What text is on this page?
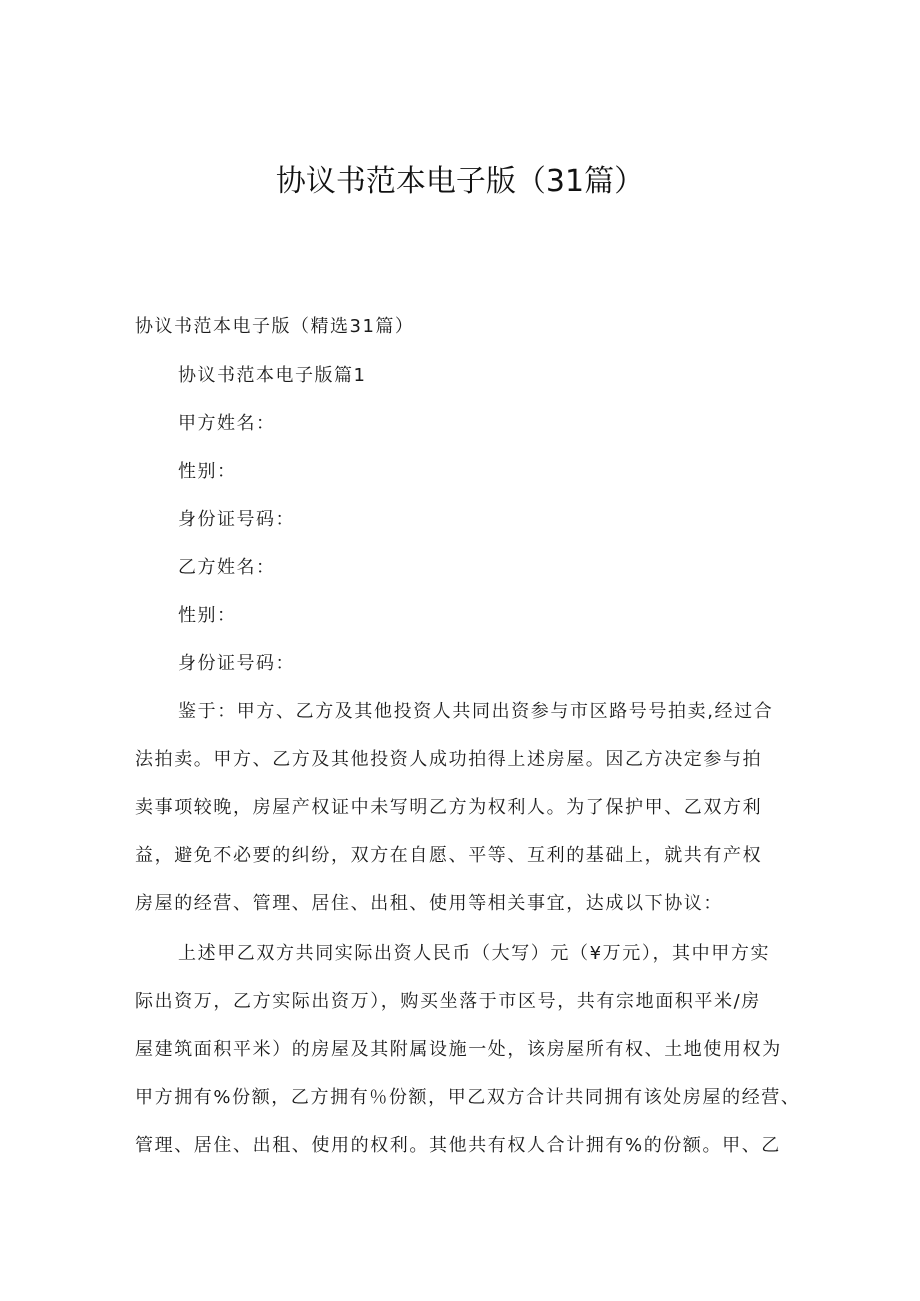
协议书范本电子版（31篇）
协议书范本电子版（精选31篇）
协议书范本电子版篇1
甲方姓名：
性别：
身份证号码：
乙方姓名：
性别：
身份证号码：
鉴于：甲方、乙方及其他投资人共同出资参与市区路号号拍卖,经过合
法拍卖。甲方、乙方及其他投资人成功拍得上述房屋。因乙方决定参与拍
卖事项较晚，房屋产权证中未写明乙方为权利人。为了保护甲、乙双方利
益，避免不必要的纠纷，双方在自愿、平等、互利的基础上，就共有产权
房屋的经营、管理、居住、出租、使用等相关事宜，达成以下协议：
上述甲乙双方共同实际出资人民币（大写）元（¥万元），其中甲方实
际出资万，乙方实际出资万），购买坐落于市区号，共有宗地面积平米/房
屋建筑面积平米）的房屋及其附属设施一处，该房屋所有权、土地使用权为
甲方拥有%份额，乙方拥有％份额，甲乙双方合计共同拥有该处房屋的经营、
管理、居住、出租、使用的权利。其他共有权人合计拥有%的份额。甲、乙
